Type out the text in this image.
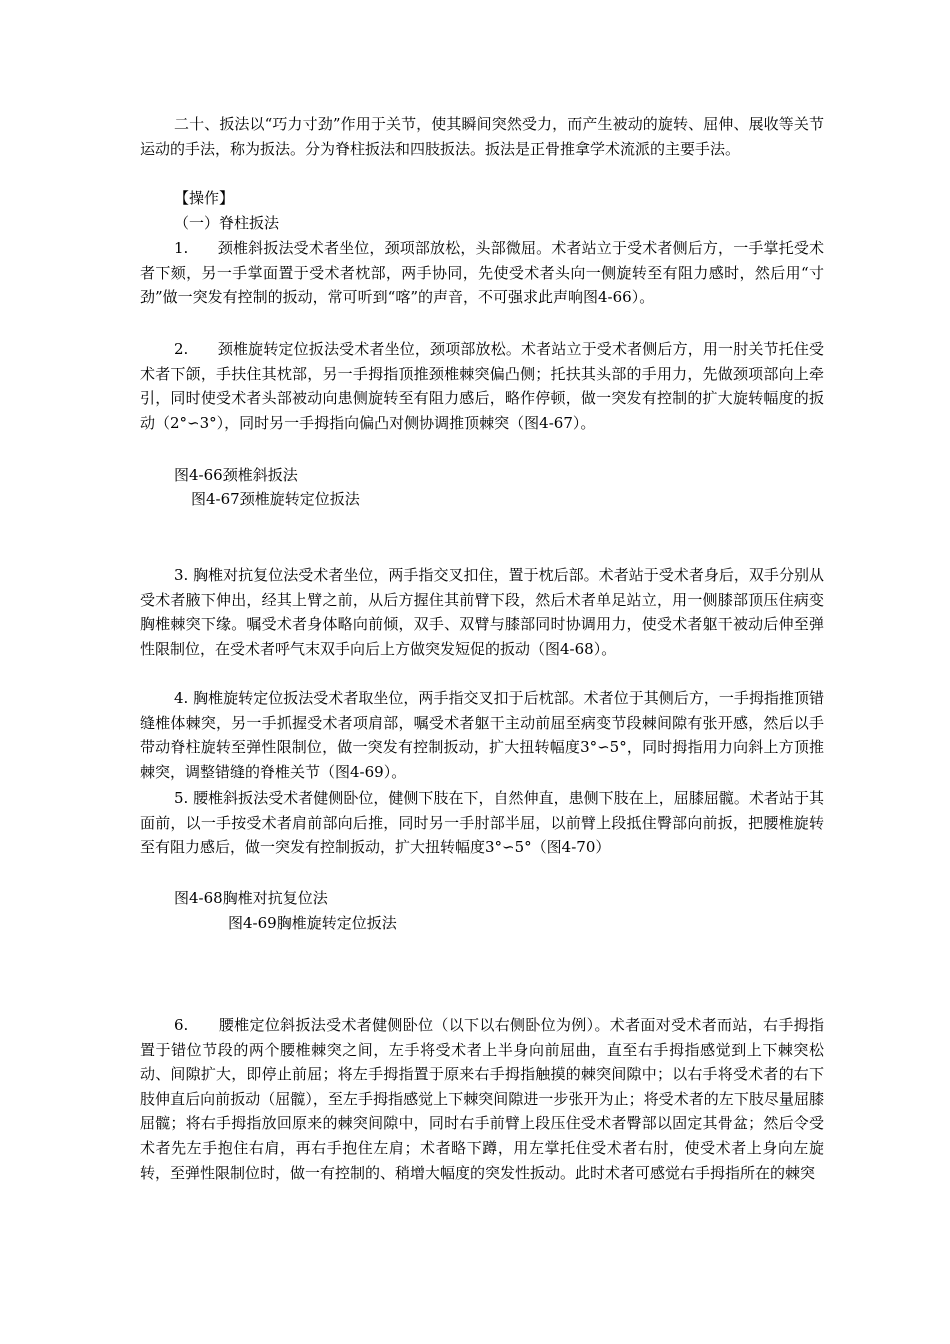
二十、扳法以“巧力寸劲”作用于关节，使其瞬间突然受力，而产生被动的旋转、屈伸、展收等关节运动的手法，称为扳法。分为脊柱扳法和四肢扳法。扳法是正骨推拿学术流派的主要手法。
【操作】
（一）脊柱扳法
1.      颈椎斜扳法受术者坐位，颈项部放松，头部微屈。术者站立于受术者侧后方，一手掌托受术者下颏，另一手掌面置于受术者枕部，两手协同，先使受术者头向一侧旋转至有阻力感时，然后用“寸劲”做一突发有控制的扳动，常可听到“喀”的声音，不可强求此声响图4-66）。
2.      颈椎旋转定位扳法受术者坐位，颈项部放松。术者站立于受术者侧后方，用一肘关节托住受术者下颌，手扶住其枕部，另一手拇指顶推颈椎棘突偏凸侧；托扶其头部的手用力，先做颈项部向上牵引，同时使受术者头部被动向患侧旋转至有阻力感后，略作停顿，做一突发有控制的扩大旋转幅度的扳动（2°∽3°），同时另一手拇指向偏凸对侧协调推顶棘突（图4-67）。
图4-66颈椎斜扳法
图4-67颈椎旋转定位扳法
3. 胸椎对抗复位法受术者坐位，两手指交叉扣住，置于枕后部。术者站于受术者身后，双手分别从受术者腋下伸出，经其上臂之前，从后方握住其前臂下段，然后术者单足站立，用一侧膝部顶压住病变胸椎棘突下缘。嘱受术者身体略向前倾，双手、双臂与膝部同时协调用力，使受术者躯干被动后伸至弹性限制位，在受术者呼气末双手向后上方做突发短促的扳动（图4-68）。
4. 胸椎旋转定位扳法受术者取坐位，两手指交叉扣于后枕部。术者位于其侧后方，一手拇指推顶错缝椎体棘突，另一手抓握受术者项肩部，嘱受术者躯干主动前屈至病变节段棘间隙有张开感，然后以手带动脊柱旋转至弹性限制位，做一突发有控制扳动，扩大扭转幅度3°∽5°，同时拇指用力向斜上方顶推棘突，调整错缝的脊椎关节（图4-69）。
5. 腰椎斜扳法受术者健侧卧位，健侧下肢在下，自然伸直，患侧下肢在上，屈膝屈髋。术者站于其面前，以一手按受术者肩前部向后推，同时另一手肘部半屈，以前臂上段抵住臀部向前扳，把腰椎旋转至有阻力感后，做一突发有控制扳动，扩大扭转幅度3°∽5°（图4-70）
图4-68胸椎对抗复位法
图4-69胸椎旋转定位扳法
6.      腰椎定位斜扳法受术者健侧卧位（以下以右侧卧位为例）。术者面对受术者而站，右手拇指置于错位节段的两个腰椎棘突之间，左手将受术者上半身向前屈曲，直至右手拇指感觉到上下棘突松动、间隙扩大，即停止前屈；将左手拇指置于原来右手拇指触摸的棘突间隙中；以右手将受术者的右下肢伸直后向前扳动（屈髋），至左手拇指感觉上下棘突间隙进一步张开为止；将受术者的左下肢尽量屈膝屈髋；将右手拇指放回原来的棘突间隙中，同时右手前臂上段压住受术者臀部以固定其骨盆；然后令受术者先左手抱住右肩，再右手抱住左肩；术者略下蹲，用左掌托住受术者右肘，使受术者上身向左旋转，至弹性限制位时，做一有控制的、稍增大幅度的突发性扳动。此时术者可感觉右手拇指所在的棘突
